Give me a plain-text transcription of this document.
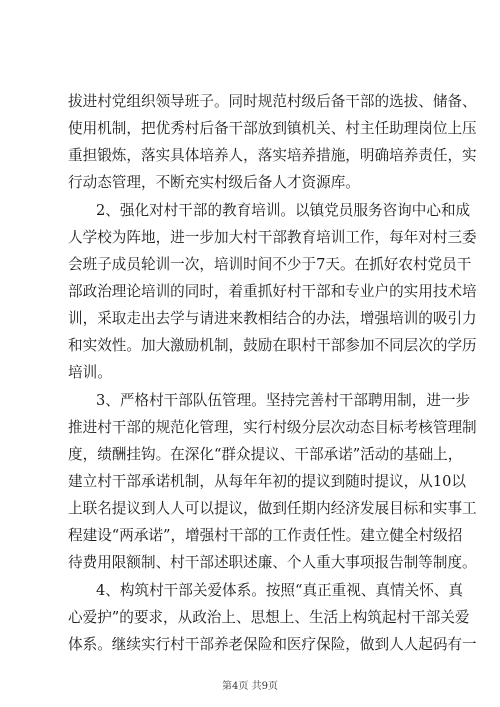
拔进村党组织领导班子。同时规范村级后备干部的选拔、储备、
使用机制，把优秀村后备干部放到镇机关、村主任助理岗位上压
重担锻炼，落实具体培养人，落实培养措施，明确培养责任，实
行动态管理，不断充实村级后备人才资源库。
2、强化对村干部的教育培训。以镇党员服务咨询中心和成
人学校为阵地，进一步加大村干部教育培训工作，每年对村三委
会班子成员轮训一次，培训时间不少于7天。在抓好农村党员干
部政治理论培训的同时，着重抓好村干部和专业户的实用技术培
训，采取走出去学与请进来教相结合的办法，增强培训的吸引力
和实效性。加大激励机制，鼓励在职村干部参加不同层次的学历
培训。
3、严格村干部队伍管理。坚持完善村干部聘用制，进一步
推进村干部的规范化管理，实行村级分层次动态目标考核管理制
度，绩酬挂钩。在深化“群众提议、干部承诺”活动的基础上，
建立村干部承诺机制，从每年年初的提议到随时提议，从10以
上联名提议到人人可以提议，做到任期内经济发展目标和实事工
程建设“两承诺”，增强村干部的工作责任性。建立健全村级招
待费用限额制、村干部述职述廉、个人重大事项报告制等制度。
4、构筑村干部关爱体系。按照“真正重视、真情关怀、真
心爱护”的要求，从政治上、思想上、生活上构筑起村干部关爱
体系。继续实行村干部养老保险和医疗保险，做到人人起码有一
第4页 共9页
